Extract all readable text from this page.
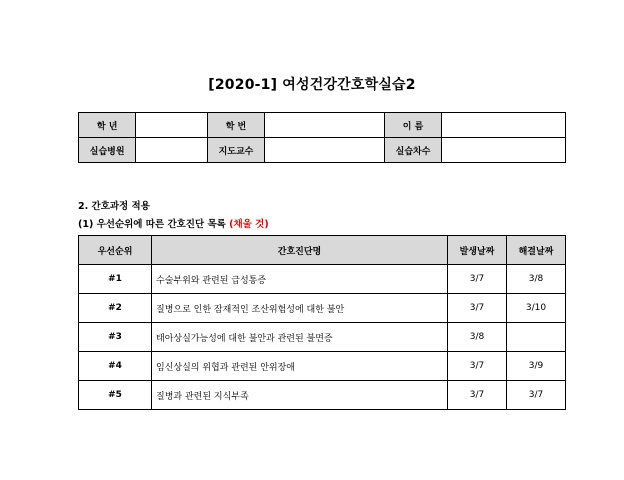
[2020-1] 여성건강간호학실습2
학 년		학 번		이 름	
실습병원		지도교수		실습차수	
2. 간호과정 적용
(1) 우선순위에 따른 간호진단 목록 (채울 것)
우선순위	간호진단명	발생날짜	해결날짜
#1	수술부위와 관련된 급성통증	3/7	3/8
#2	질병으로 인한 잠재적인 조산위험성에 대한 불안	3/7	3/10
#3	태아상실가능성에 대한 불안과 관련된 불면증	3/8	
#4	임신상실의 위협과 관련된 안위장애	3/7	3/9
#5	질병과 관련된 지식부족	3/7	3/7
